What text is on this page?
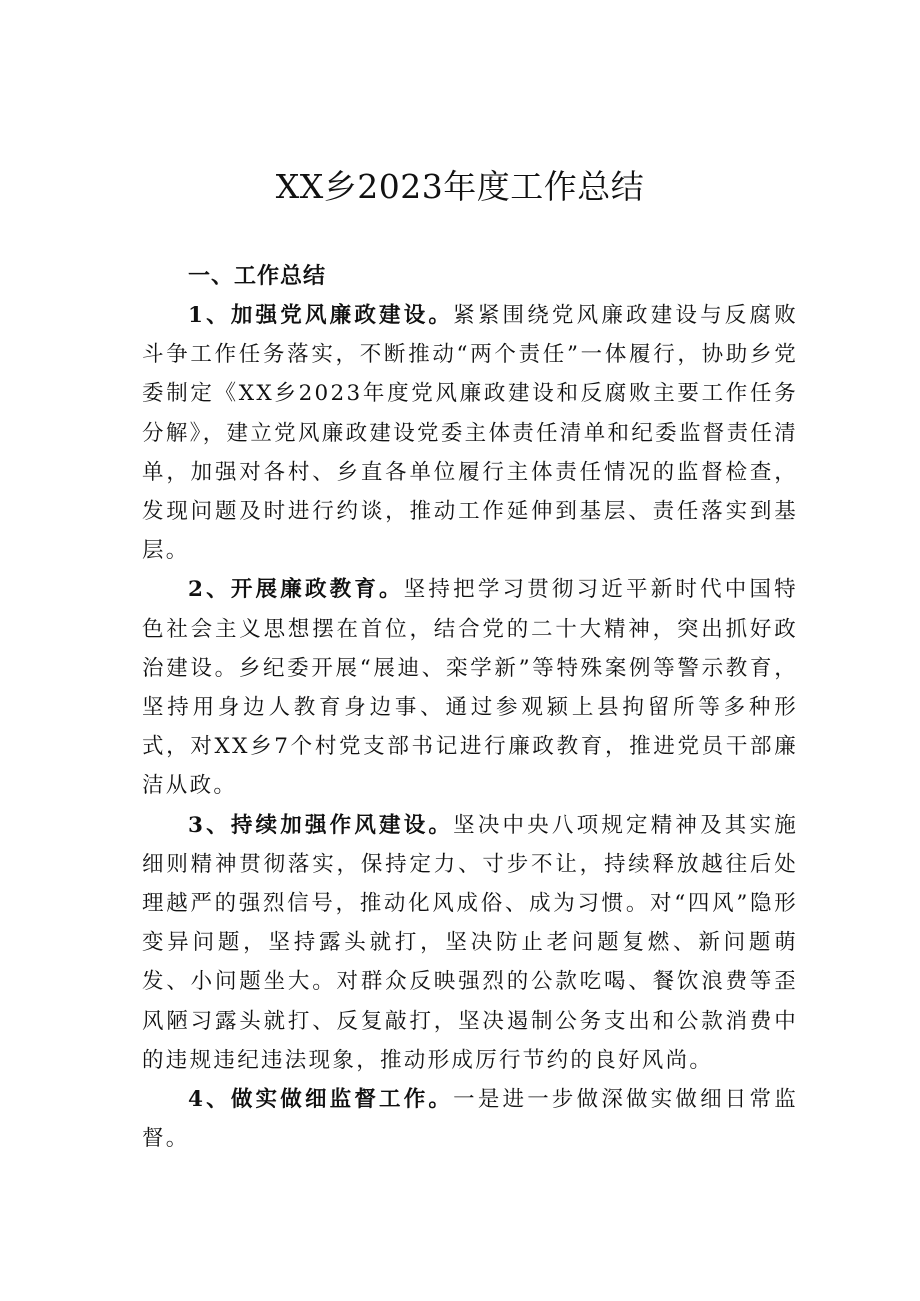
XX乡2023年度工作总结

一、工作总结

1、加强党风廉政建设。紧紧围绕党风廉政建设与反腐败斗争工作任务落实，不断推动“两个责任”一体履行，协助乡党委制定《XX乡2023年度党风廉政建设和反腐败主要工作任务分解》，建立党风廉政建设党委主体责任清单和纪委监督责任清单，加强对各村、乡直各单位履行主体责任情况的监督检查，发现问题及时进行约谈，推动工作延伸到基层、责任落实到基层。

2、开展廉政教育。坚持把学习贯彻习近平新时代中国特色社会主义思想摆在首位，结合党的二十大精神，突出抓好政治建设。乡纪委开展“展迪、栾学新”等特殊案例等警示教育，坚持用身边人教育身边事、通过参观颍上县拘留所等多种形式，对XX乡7个村党支部书记进行廉政教育，推进党员干部廉洁从政。

3、持续加强作风建设。坚决中央八项规定精神及其实施细则精神贯彻落实，保持定力、寸步不让，持续释放越往后处理越严的强烈信号，推动化风成俗、成为习惯。对“四风”隐形变异问题，坚持露头就打，坚决防止老问题复燃、新问题萌发、小问题坐大。对群众反映强烈的公款吃喝、餐饮浪费等歪风陋习露头就打、反复敲打，坚决遏制公务支出和公款消费中的违规违纪违法现象，推动形成厉行节约的良好风尚。

4、做实做细监督工作。一是进一步做深做实做细日常监督。
